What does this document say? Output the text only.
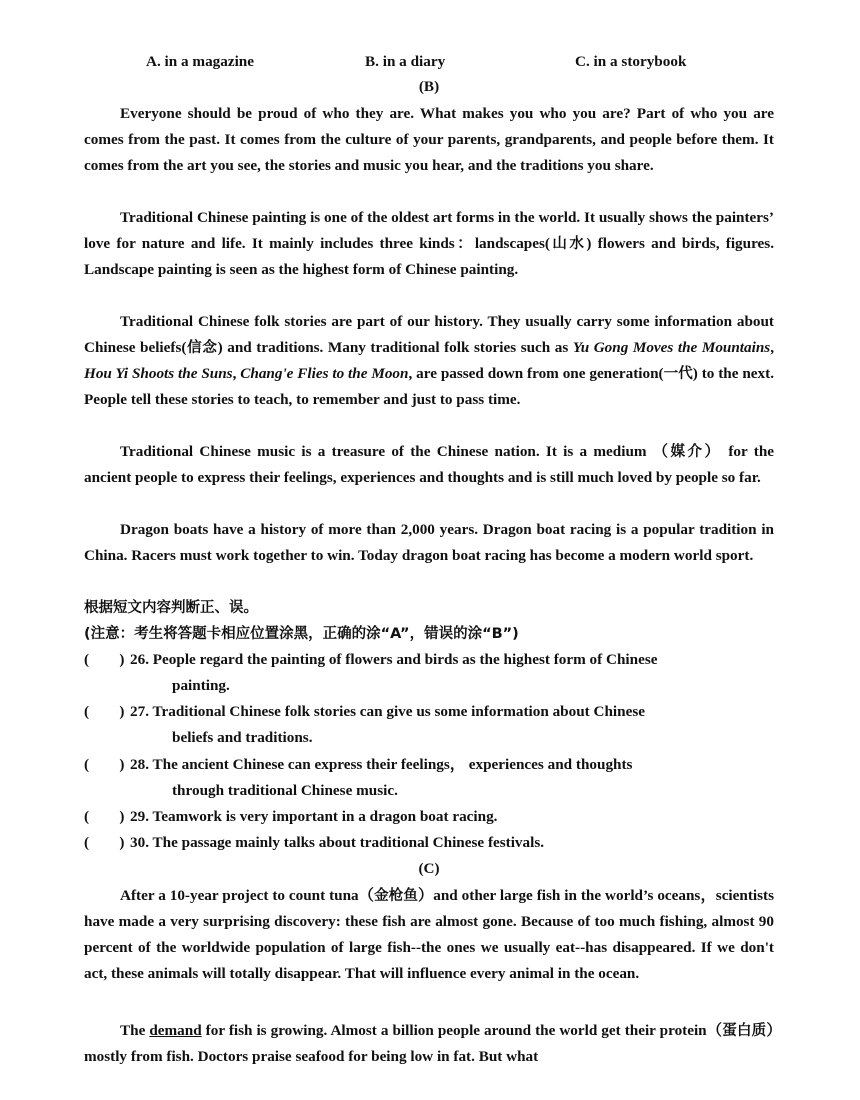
A. in a magazine	B. in a diary	C. in a storybook
(B)

Everyone should be proud of who they are. What makes you who you are? Part of who you are comes from the past. It comes from the culture of your parents, grandparents, and people before them. It comes from the art you see, the stories and music you hear, and the traditions you share.

Traditional Chinese painting is one of the oldest art forms in the world. It usually shows the painters’ love for nature and life. It mainly includes three kinds：landscapes(山水) flowers and birds, figures. Landscape painting is seen as the highest form of Chinese painting.

Traditional Chinese folk stories are part of our history. They usually carry some information about Chinese beliefs(信念) and traditions. Many traditional folk stories such as Yu Gong Moves the Mountains, Hou Yi Shoots the Suns, Chang'e Flies to the Moon, are passed down from one generation(一代) to the next. People tell these stories to teach, to remember and just to pass time.

Traditional Chinese music is a treasure of the Chinese nation. It is a medium （媒介） for the ancient people to express their feelings, experiences and thoughts and is still much loved by people so far.

Dragon boats have a history of more than 2,000 years. Dragon boat racing is a popular tradition in China. Racers must work together to win. Today dragon boat racing has become a modern world sport.

根据短文内容判断正、误。
(注意：考生将答题卡相应位置涂黑，正确的涂“A”，错误的涂“B”)
(        ) 26. People regard the painting of flowers and birds as the highest form of Chinese
painting.
(        ) 27. Traditional Chinese folk stories can give us some information about Chinese
beliefs and traditions.
(        ) 28. The ancient Chinese can express their feelings， experiences and thoughts
through traditional Chinese music.
(        ) 29. Teamwork is very important in a dragon boat racing.
(        ) 30. The passage mainly talks about traditional Chinese festivals.
(C)

After a 10-year project to count tuna（金枪鱼）and other large fish in the world’s oceans，scientists have made a very surprising discovery: these fish are almost gone. Because of too much fishing, almost 90 percent of the worldwide population of large fish--the ones we usually eat--has disappeared. If we don't act, these animals will totally disappear. That will influence every animal in the ocean.

The demand for fish is growing. Almost a billion people around the world get their protein（蛋白质）mostly from fish. Doctors praise seafood for being low in fat. But what
